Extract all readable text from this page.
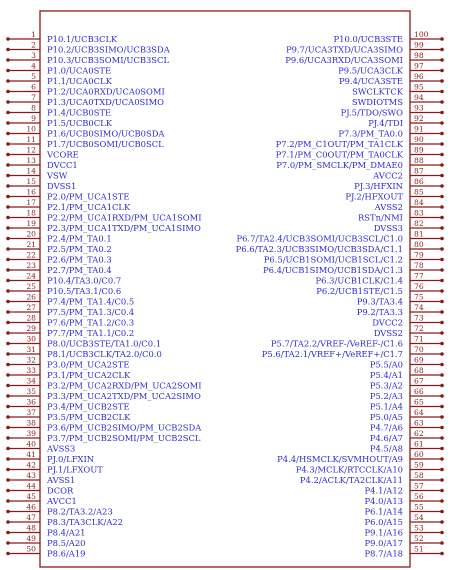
1 P10.1/UCB3CLK
2 P10.2/UCB3SIMO/UCB3SDA
3 P10.3/UCB3SOMI/UCB3SCL
4 P1.0/UCA0STE
5 P1.1/UCA0CLK
6 P1.2/UCA0RXD/UCA0SOMI
7 P1.3/UCA0TXD/UCA0SIMO
8 P1.4/UCB0STE
9 P1.5/UCB0CLK
10 P1.6/UCB0SIMO/UCB0SDA
11 P1.7/UCB0SOMI/UCB0SCL
12 VCORE
13 DVCC1
14 VSW
15 DVSS1
16 P2.0/PM_UCA1STE
17 P2.1/PM_UCA1CLK
18 P2.2/PM_UCA1RXD/PM_UCA1SOMI
19 P2.3/PM_UCA1TXD/PM_UCA1SIMO
20 P2.4/PM_TA0.1
21 P2.5/PM_TA0.2
22 P2.6/PM_TA0.3
23 P2.7/PM_TA0.4
24 P10.4/TA3.0/C0.7
25 P10.5/TA3.1/C0.6
26 P7.4/PM_TA1.4/C0.5
27 P7.5/PM_TA1.3/C0.4
28 P7.6/PM_TA1.2/C0.3
29 P7.7/PM_TA1.1/C0.2
30 P8.0/UCB3STE/TA1.0/C0.1
31 P8.1/UCB3CLK/TA2.0/C0.0
32 P3.0/PM_UCA2STE
33 P3.1/PM_UCA2CLK
34 P3.2/PM_UCA2RXD/PM_UCA2SOMI
35 P3.3/PM_UCA2TXD/PM_UCA2SIMO
36 P3.4/PM_UCB2STE
37 P3.5/PM_UCB2CLK
38 P3.6/PM_UCB2SIMO/PM_UCB2SDA
39 P3.7/PM_UCB2SOMI/PM_UCB2SCL
40 AVSS3
41 PJ.0/LFXIN
42 PJ.1/LFXOUT
43 AVSS1
44 DCOR
45 AVCC1
46 P8.2/TA3.2/A23
47 P8.3/TA3CLK/A22
48 P8.4/A21
49 P8.5/A20
50 P8.6/A19
100
P10.0/UCB3STE
99
P9.7/UCA3TXD/UCA3SIMO
98
P9.6/UCA3RXD/UCA3SOMI
97
P9.5/UCA3CLK
96
P9.4/UCA3STE
95
SWCLKTCK
94
SWDIOTMS
93
PJ.5/TDO/SWO
92
PJ.4/TDI
91
P7.3/PM_TA0.0
90
P7.2/PM_C1OUT/PM_TA1CLK
89
P7.1/PM_C0OUT/PM_TA0CLK
88
P7.0/PM_SMCLK/PM_DMAE0
87
AVCC2
86
PJ.3/HFXIN
85
PJ.2/HFXOUT
84
AVSS2
83
RSTn/NMI
82
DVSS3
81
P6.7/TA2.4/UCB3SOMI/UCB3SCL/C1.0
80
P6.6/TA2.3/UCB3SIMO/UCB3SDA/C1.1
79
P6.5/UCB1SOMI/UCB1SCL/C1.2
78
P6.4/UCB1SIMO/UCB1SDA/C1.3
77
P6.3/UCB1CLK/C1.4
76
P6.2/UCB1STE/C1.5
75
P9.3/TA3.4
74
P9.2/TA3.3
73
DVCC2
72
DVSS2
71
P5.7/TA2.2/VREF-/VeREF-/C1.6
70
P5.6/TA2.1/VREF+/VeREF+/C1.7
69
P5.5/A0
68
P5.4/A1
67
P5.3/A2
66
P5.2/A3
65
P5.1/A4
64
P5.0/A5
63
P4.7/A6
62
P4.6/A7
61
P4.5/A8
60
P4.4/HSMCLK/SVMHOUT/A9
59
P4.3/MCLK/RTCCLK/A10
58
P4.2/ACLK/TA2CLK/A11
57
P4.1/A12
56
P4.0/A13
55
P6.1/A14
54
P6.0/A15
53
P9.1/A16
52
P9.0/A17
51
P8.7/A18
